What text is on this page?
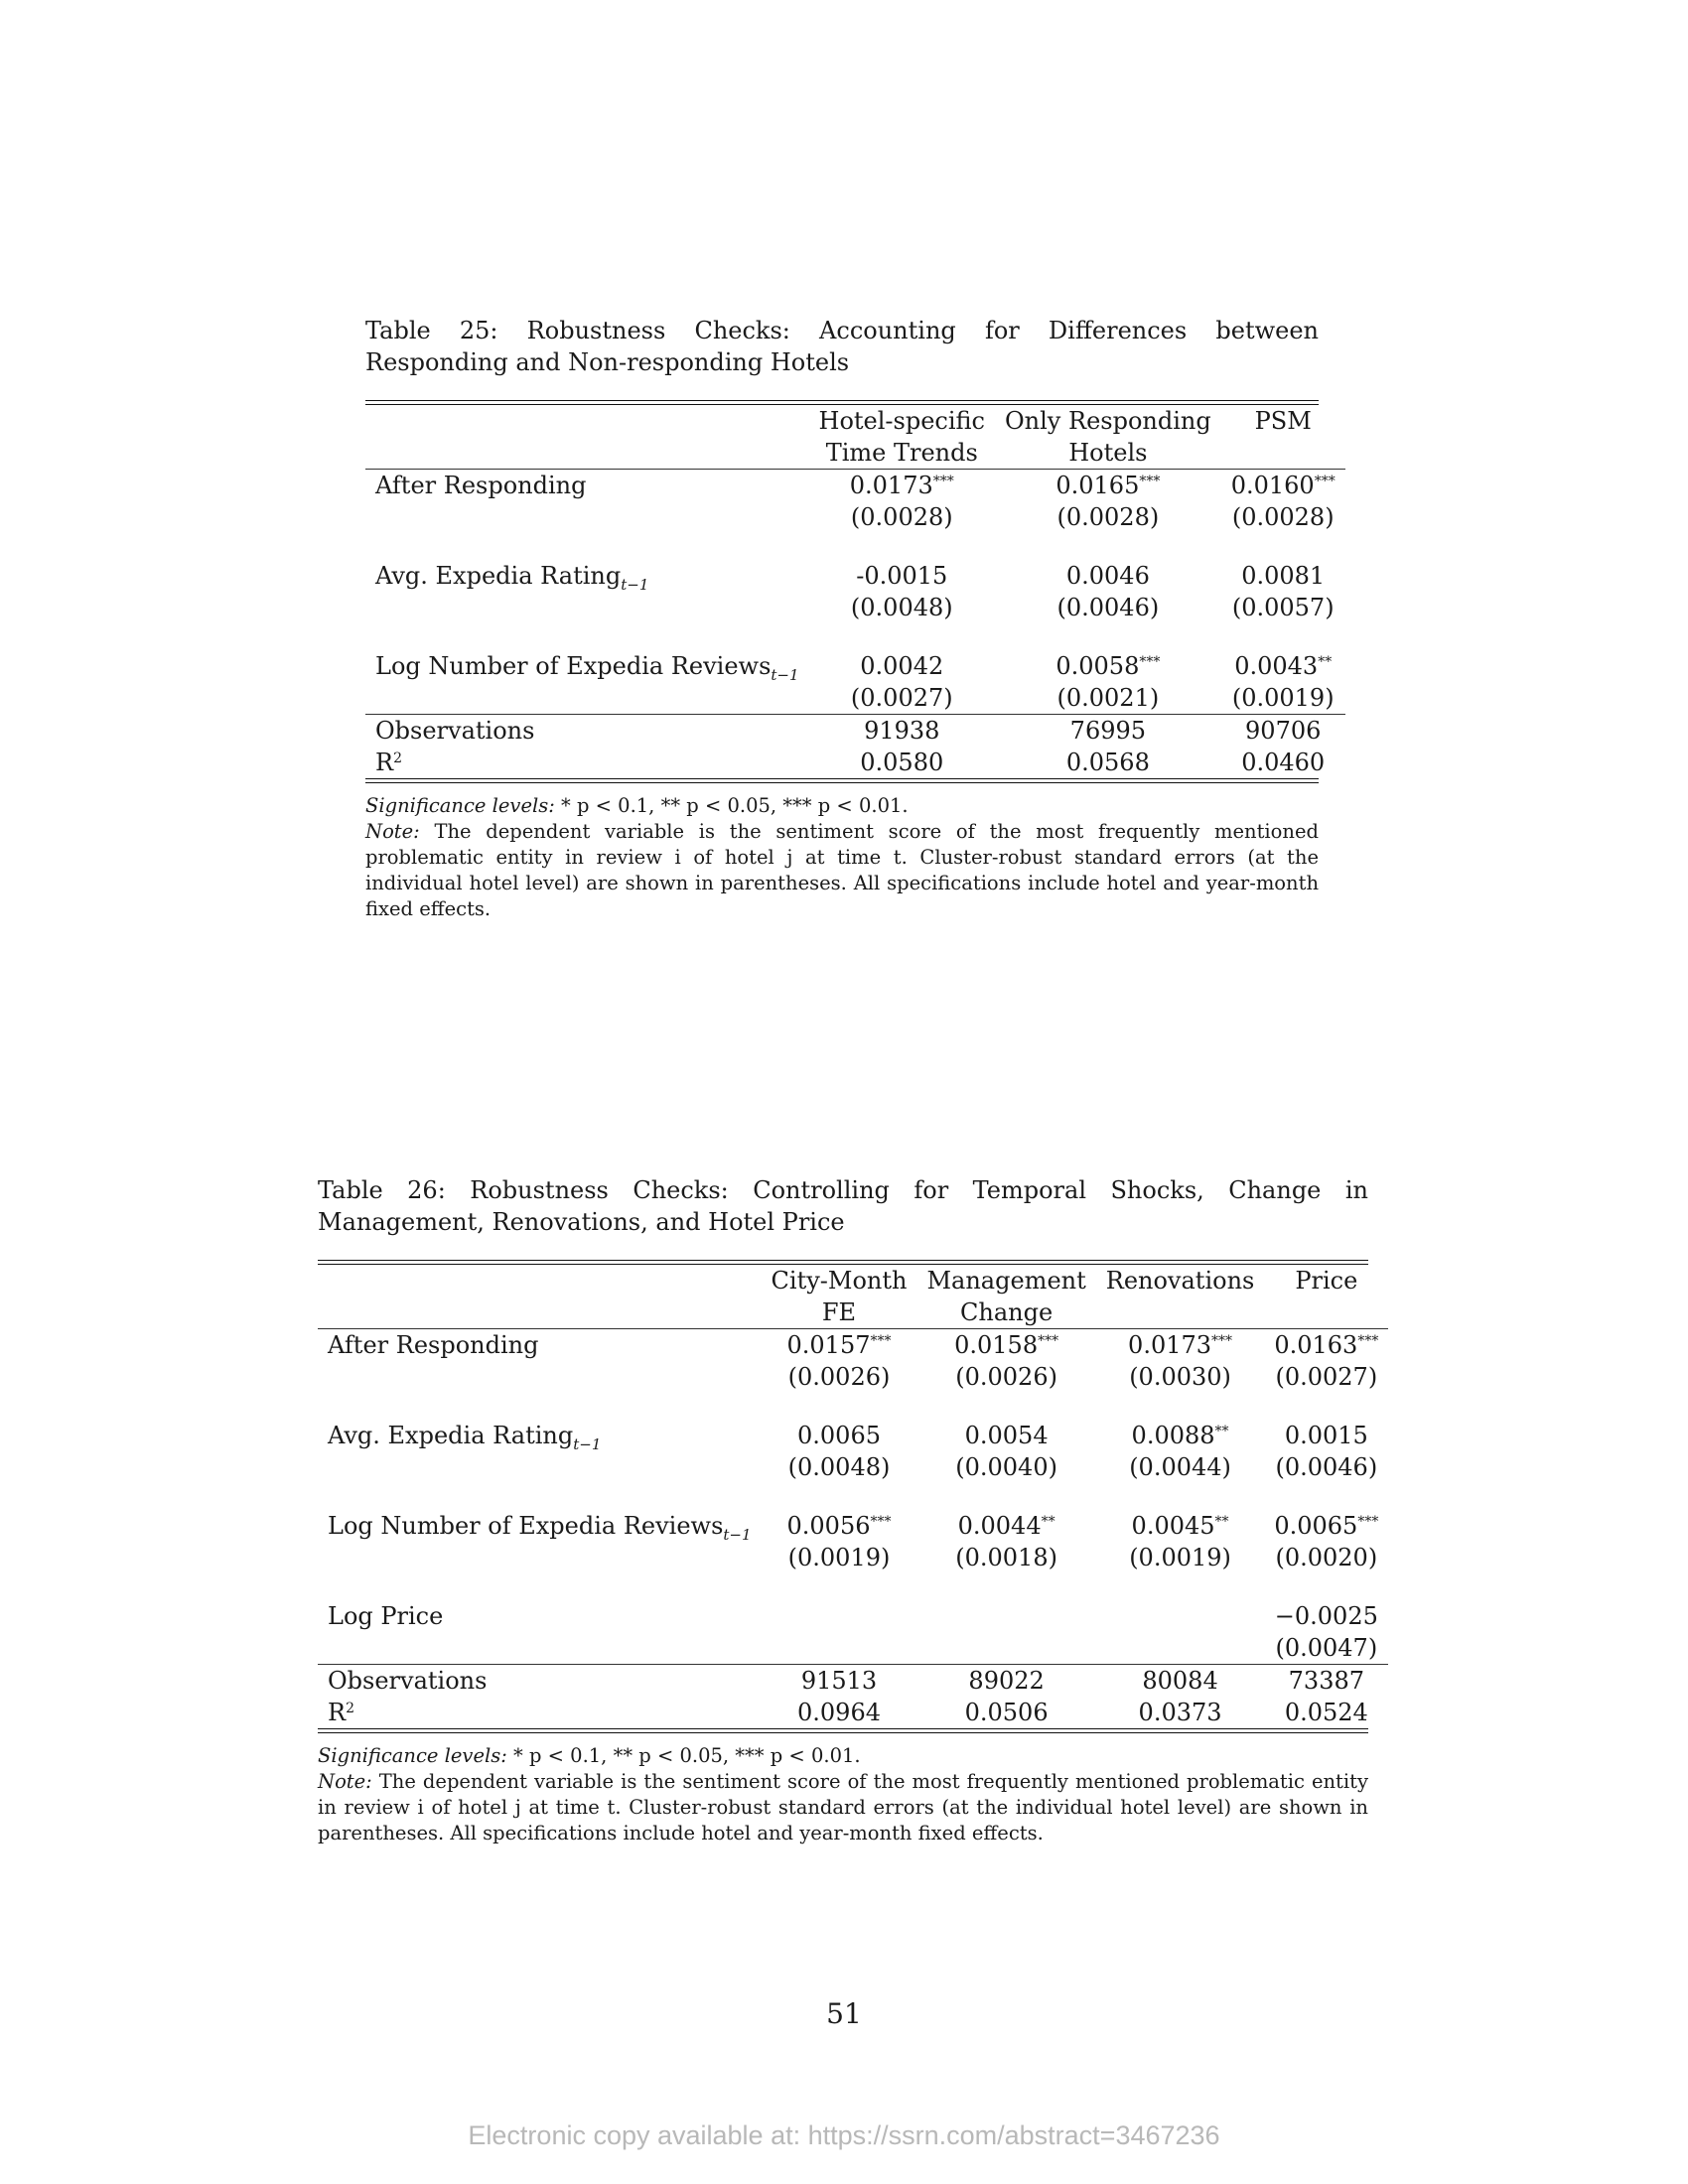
Table 25: Robustness Checks: Accounting for Differences between Responding and Non-responding Hotels
	Hotel-specific	Only Responding	PSM
	Time Trends	Hotels	
After Responding	0.0173***	0.0165***	0.0160***
	(0.0028)	(0.0028)	(0.0028)

Avg. Expedia Rating$_{t-1}$	-0.0015	0.0046	0.0081
	(0.0048)	(0.0046)	(0.0057)

Log Number of Expedia Reviews$_{t-1}$	0.0042	0.0058***	0.0043**
	(0.0027)	(0.0021)	(0.0019)
Observations	91938	76995	90706
$R^2$	0.0580	0.0568	0.0460
Significance levels: * p < 0.1, ** p < 0.05, *** p < 0.01.
Note: The dependent variable is the sentiment score of the most frequently mentioned problematic entity in review i of hotel j at time t. Cluster-robust standard errors (at the individual hotel level) are shown in parentheses. All specifications include hotel and year-month fixed effects.
Table 26: Robustness Checks: Controlling for Temporal Shocks, Change in Management, Renovations, and Hotel Price
	City-Month	Management	Renovations	Price
	FE	Change		
After Responding	0.0157***	0.0158***	0.0173***	0.0163***
	(0.0026)	(0.0026)	(0.0030)	(0.0027)

Avg. Expedia Rating$_{t-1}$	0.0065	0.0054	0.0088**	0.0015
	(0.0048)	(0.0040)	(0.0044)	(0.0046)

Log Number of Expedia Reviews$_{t-1}$	0.0056***	0.0044**	0.0045**	0.0065***
	(0.0019)	(0.0018)	(0.0019)	(0.0020)

Log Price				−0.0025
				(0.0047)
Observations	91513	89022	80084	73387
$R^2$	0.0964	0.0506	0.0373	0.0524
Significance levels: * p < 0.1, ** p < 0.05, *** p < 0.01.
Note: The dependent variable is the sentiment score of the most frequently mentioned problematic entity in review i of hotel j at time t. Cluster-robust standard errors (at the individual hotel level) are shown in parentheses. All specifications include hotel and year-month fixed effects.
51
Electronic copy available at: https://ssrn.com/abstract=3467236
